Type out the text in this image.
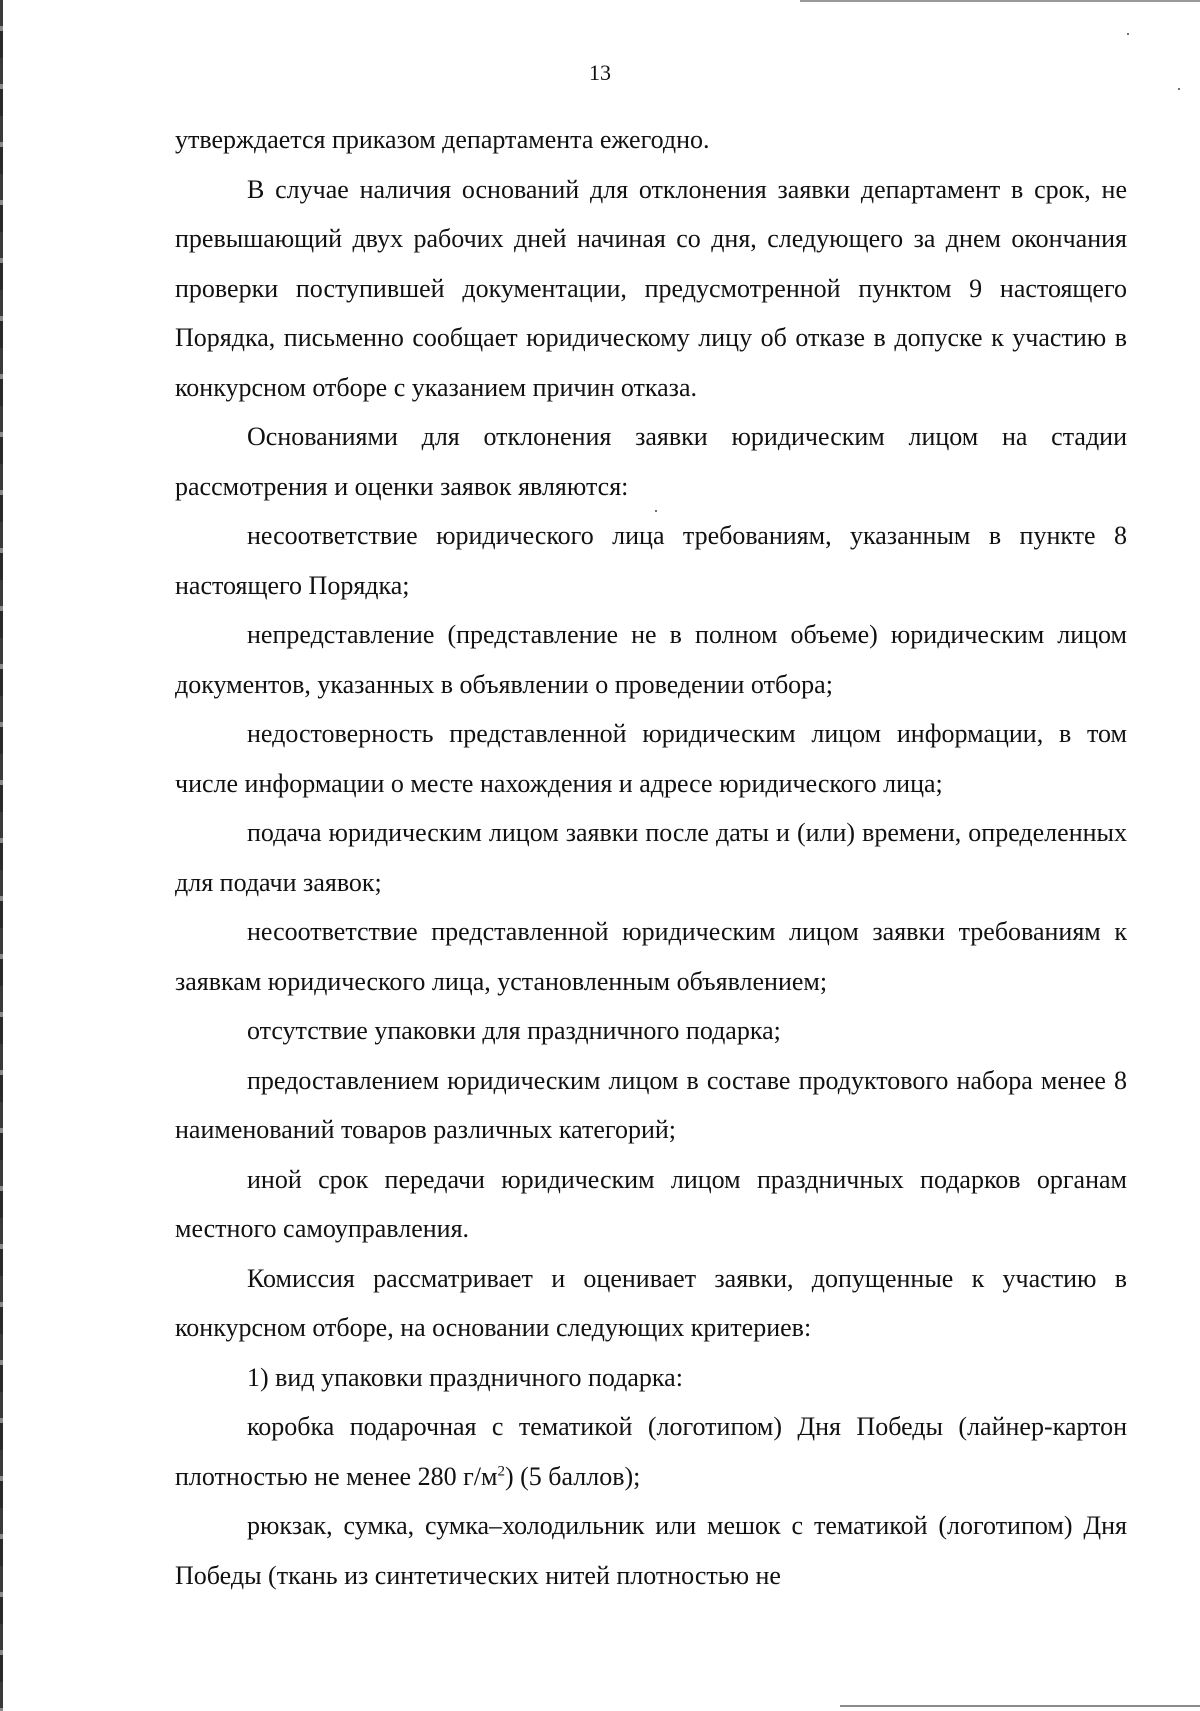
13

утверждается приказом департамента ежегодно.

В случае наличия оснований для отклонения заявки департамент в срок, не превышающий двух рабочих дней начиная со дня, следующего за днем окончания проверки поступившей документации, предусмотренной пунктом 9 настоящего Порядка, письменно сообщает юридическому лицу об отказе в допуске к участию в конкурсном отборе с указанием причин отказа.

Основаниями для отклонения заявки юридическим лицом на стадии рассмотрения и оценки заявок являются:

несоответствие юридического лица требованиям, указанным в пункте 8 настоящего Порядка;

непредставление (представление не в полном объеме) юридическим лицом документов, указанных в объявлении о проведении отбора;

недостоверность представленной юридическим лицом информации, в том числе информации о месте нахождения и адресе юридического лица;

подача юридическим лицом заявки после даты и (или) времени, определенных для подачи заявок;

несоответствие представленной юридическим лицом заявки требованиям к заявкам юридического лица, установленным объявлением;

отсутствие упаковки для праздничного подарка;

предоставлением юридическим лицом в составе продуктового набора менее 8 наименований товаров различных категорий;

иной срок передачи юридическим лицом праздничных подарков органам местного самоуправления.

Комиссия рассматривает и оценивает заявки, допущенные к участию в конкурсном отборе, на основании следующих критериев:

1) вид упаковки праздничного подарка:

коробка подарочная с тематикой (логотипом) Дня Победы (лайнер-картон плотностью не менее 280 $г/м^2$) (5 баллов);

рюкзак, сумка, сумка–холодильник или мешок с тематикой (логотипом) Дня Победы (ткань из синтетических нитей плотностью не
